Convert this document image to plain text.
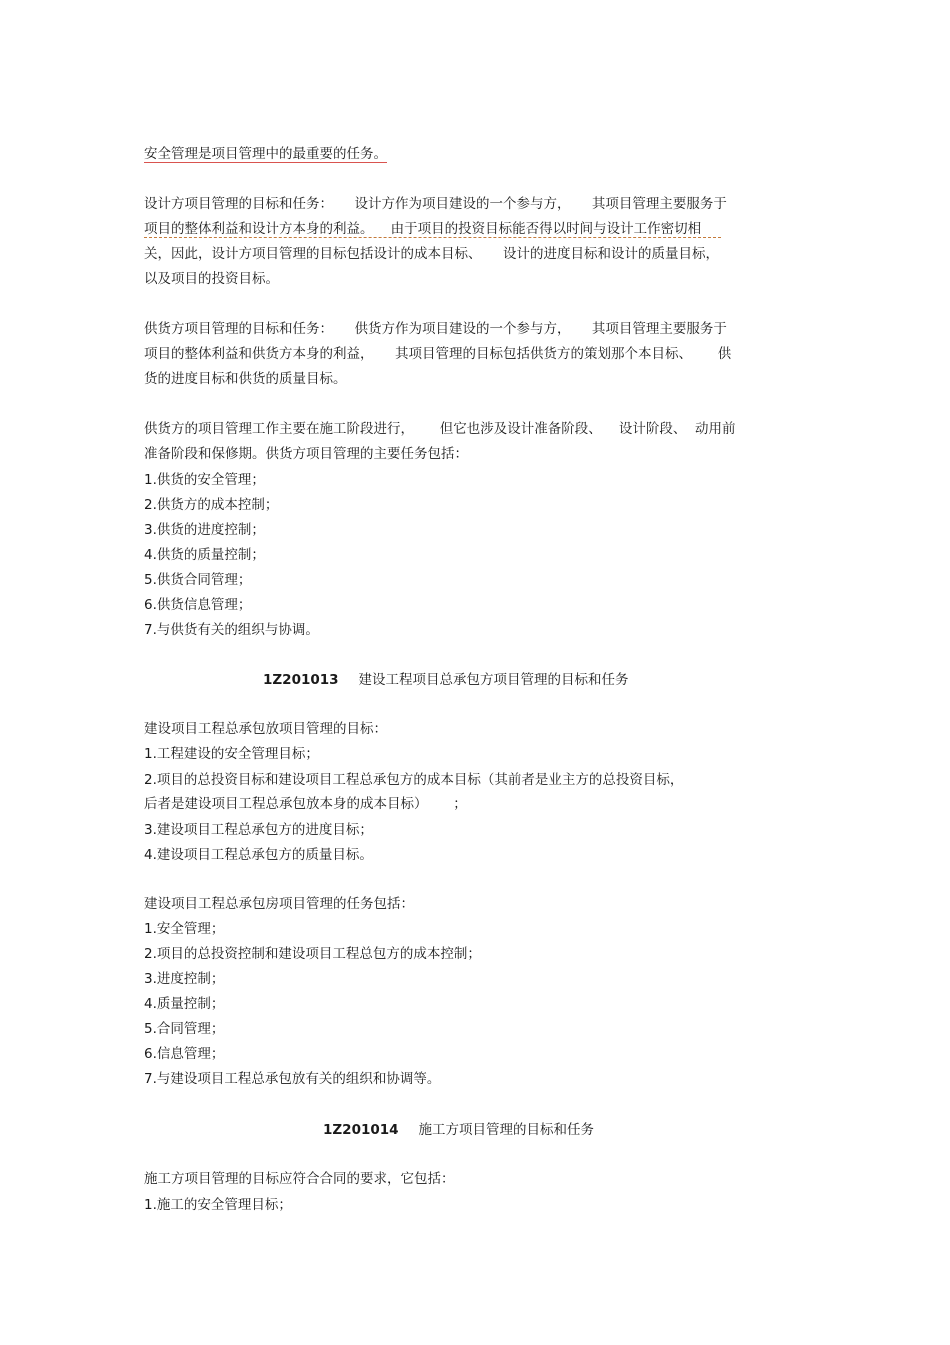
安全管理是项目管理中的最重要的任务。
设计方项目管理的目标和任务：     设计方作为项目建设的一个参与方，     其项目管理主要服务于
项目的整体利益和设计方本身的利益。    由于项目的投资目标能否得以时间与设计工作密切相
关，因此，设计方项目管理的目标包括设计的成本目标、     设计的进度目标和设计的质量目标，
以及项目的投资目标。
供货方项目管理的目标和任务：     供货方作为项目建设的一个参与方，     其项目管理主要服务于
项目的整体利益和供货方本身的利益，     其项目管理的目标包括供货方的策划那个本目标、      供
货的进度目标和供货的质量目标。
供货方的项目管理工作主要在施工阶段进行，      但它也涉及设计准备阶段、    设计阶段、  动用前
准备阶段和保修期。供货方项目管理的主要任务包括：
1.供货的安全管理；
2.供货方的成本控制；
3.供货的进度控制；
4.供货的质量控制；
5.供货合同管理；
6.供货信息管理；
7.与供货有关的组织与协调。
1Z201013 建设工程项目总承包方项目管理的目标和任务
建设项目工程总承包放项目管理的目标：
1.工程建设的安全管理目标；
2.项目的总投资目标和建设项目工程总承包方的成本目标（其前者是业主方的总投资目标，
后者是建设项目工程总承包放本身的成本目标）      ；
3.建设项目工程总承包方的进度目标；
4.建设项目工程总承包方的质量目标。
建设项目工程总承包房项目管理的任务包括：
1.安全管理；
2.项目的总投资控制和建设项目工程总包方的成本控制；
3.进度控制；
4.质量控制；
5.合同管理；
6.信息管理；
7.与建设项目工程总承包放有关的组织和协调等。
1Z201014 施工方项目管理的目标和任务
施工方项目管理的目标应符合合同的要求，它包括：
1.施工的安全管理目标；
